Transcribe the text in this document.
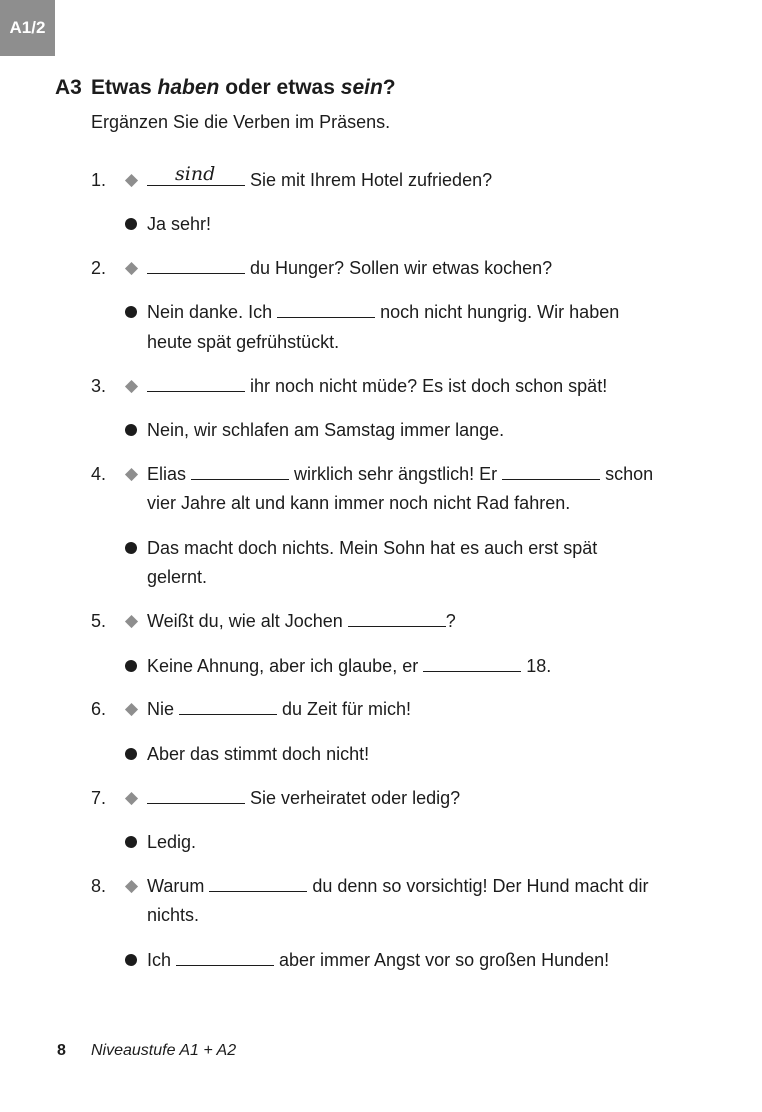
A1/2
A3 Etwas haben oder etwas sein?
Ergänzen Sie die Verben im Präsens.
1.	sind Sie mit Ihrem Hotel zufrieden?
Ja sehr!
2.	du Hunger? Sollen wir etwas kochen?
Nein danke. Ich	noch nicht hungrig. Wir haben
heute spät gefrühstückt.
3.	ihr noch nicht müde? Es ist doch schon spät!
Nein, wir schlafen am Samstag immer lange.
4. Elias	wirklich sehr ängstlich! Er	schon
vier Jahre alt und kann immer noch nicht Rad fahren.
Das macht doch nichts. Mein Sohn hat es auch erst spät
gelernt.
5. Weißt du, wie alt Jochen	?
Keine Ahnung, aber ich glaube, er	18.
6. Nie	du Zeit für mich!
Aber das stimmt doch nicht!
7.	Sie verheiratet oder ledig?
Ledig.
8. Warum	du denn so vorsichtig! Der Hund macht dir
nichts.
Ich	aber immer Angst vor so großen Hunden!
8 Niveaustufe A1 + A2
